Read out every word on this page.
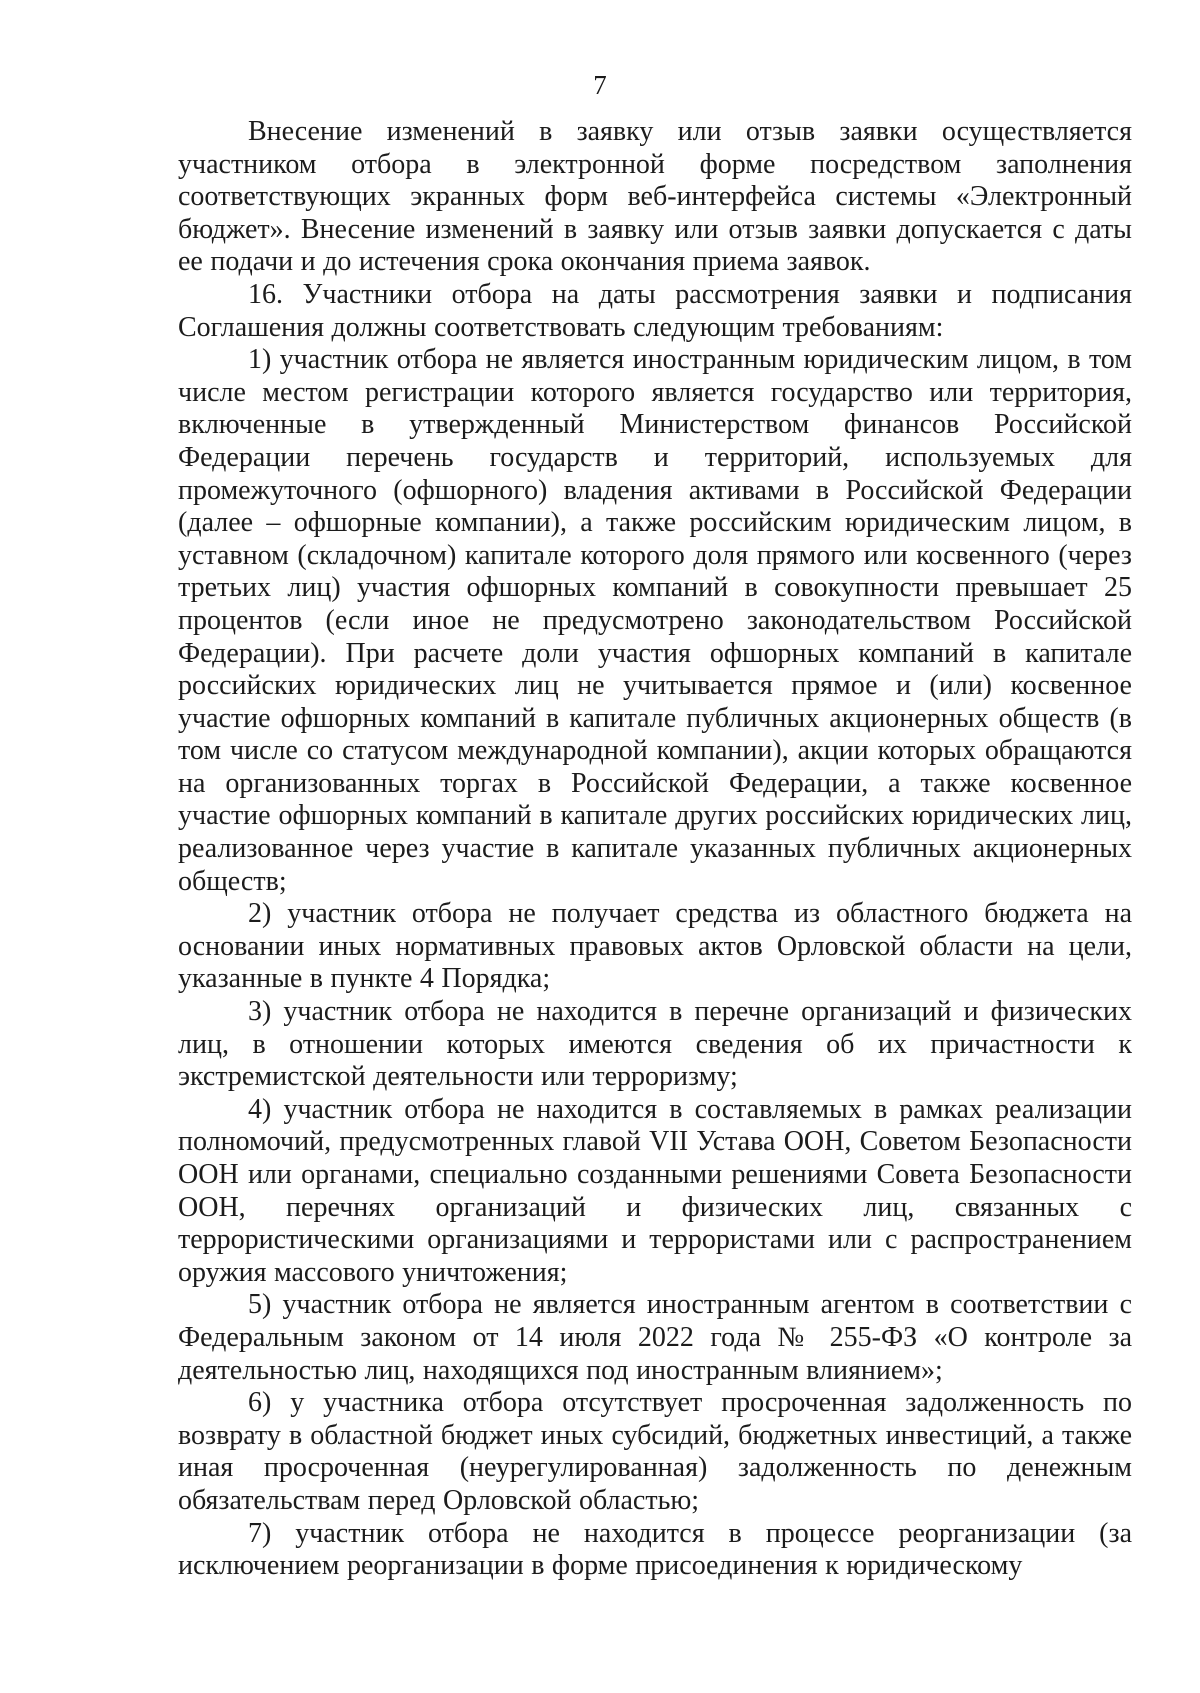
7

Внесение изменений в заявку или отзыв заявки осуществляется участником отбора в электронной форме посредством заполнения соответствующих экранных форм веб-интерфейса системы «Электронный бюджет». Внесение изменений в заявку или отзыв заявки допускается с даты ее подачи и до истечения срока окончания приема заявок.

16. Участники отбора на даты рассмотрения заявки и подписания Соглашения должны соответствовать следующим требованиям:

1) участник отбора не является иностранным юридическим лицом, в том числе местом регистрации которого является государство или территория, включенные в утвержденный Министерством финансов Российской Федерации перечень государств и территорий, используемых для промежуточного (офшорного) владения активами в Российской Федерации (далее – офшорные компании), а также российским юридическим лицом, в уставном (складочном) капитале которого доля прямого или косвенного (через третьих лиц) участия офшорных компаний в совокупности превышает 25 процентов (если иное не предусмотрено законодательством Российской Федерации). При расчете доли участия офшорных компаний в капитале российских юридических лиц не учитывается прямое и (или) косвенное участие офшорных компаний в капитале публичных акционерных обществ (в том числе со статусом международной компании), акции которых обращаются на организованных торгах в Российской Федерации, а также косвенное участие офшорных компаний в капитале других российских юридических лиц, реализованное через участие в капитале указанных публичных акционерных обществ;

2) участник отбора не получает средства из областного бюджета на основании иных нормативных правовых актов Орловской области на цели, указанные в пункте 4 Порядка;

3) участник отбора не находится в перечне организаций и физических лиц, в отношении которых имеются сведения об их причастности к экстремистской деятельности или терроризму;

4) участник отбора не находится в составляемых в рамках реализации полномочий, предусмотренных главой VII Устава ООН, Советом Безопасности ООН или органами, специально созданными решениями Совета Безопасности ООН, перечнях организаций и физических лиц, связанных с террористическими организациями и террористами или с распространением оружия массового уничтожения;

5) участник отбора не является иностранным агентом в соответствии с Федеральным законом от 14 июля 2022 года № 255-ФЗ «О контроле за деятельностью лиц, находящихся под иностранным влиянием»;

6) у участника отбора отсутствует просроченная задолженность по возврату в областной бюджет иных субсидий, бюджетных инвестиций, а также иная просроченная (неурегулированная) задолженность по денежным обязательствам перед Орловской областью;

7) участник отбора не находится в процессе реорганизации (за исключением реорганизации в форме присоединения к юридическому
